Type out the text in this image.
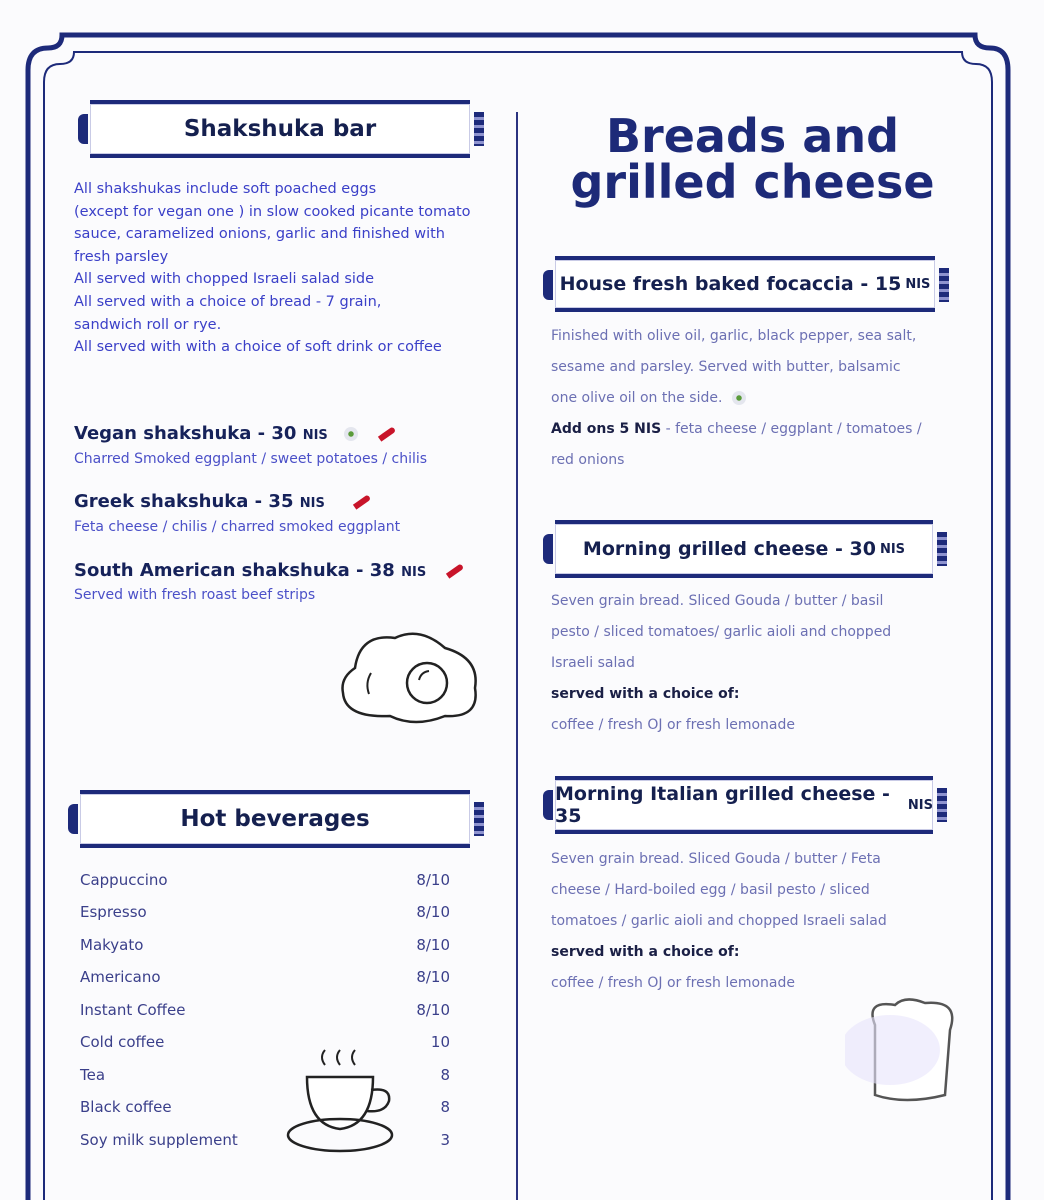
Shakshuka bar
All shakshukas include soft poached eggs
(except for vegan one ) in slow cooked picante tomato
sauce, caramelized onions, garlic and finished with
fresh parsley
All served with chopped Israeli salad side
All served with a choice of bread - 7 grain,
sandwich roll or rye.
All served with with a choice of soft drink or coffee
Vegan shakshuka - 30 NIS
Charred Smoked eggplant / sweet potatoes / chilis
Greek shakshuka - 35 NIS
Feta cheese / chilis / charred smoked eggplant
South American shakshuka - 38 NIS
Served with fresh roast beef strips
Hot beverages
Cappuccino	8/10
Espresso	8/10
Makyato	8/10
Americano	8/10
Instant Coffee	8/10
Cold coffee	10
Tea	8
Black coffee	8
Soy milk supplement	3
Breads and
grilled cheese
House fresh baked focaccia - 15 NIS
Finished with olive oil, garlic, black pepper, sea salt,
sesame and parsley. Served with butter, balsamic
one olive oil on the side.
Add ons 5 NIS - feta cheese / eggplant / tomatoes /
red onions
Morning grilled cheese - 30 NIS
Seven grain bread. Sliced Gouda / butter / basil
pesto / sliced tomatoes/ garlic aioli and chopped
Israeli salad
served with a choice of:
coffee / fresh OJ or fresh lemonade
Morning Italian grilled cheese - 35	NIS
Seven grain bread. Sliced Gouda / butter / Feta
cheese / Hard-boiled egg / basil pesto / sliced
tomatoes / garlic aioli and chopped Israeli salad
served with a choice of:
coffee / fresh OJ or fresh lemonade
